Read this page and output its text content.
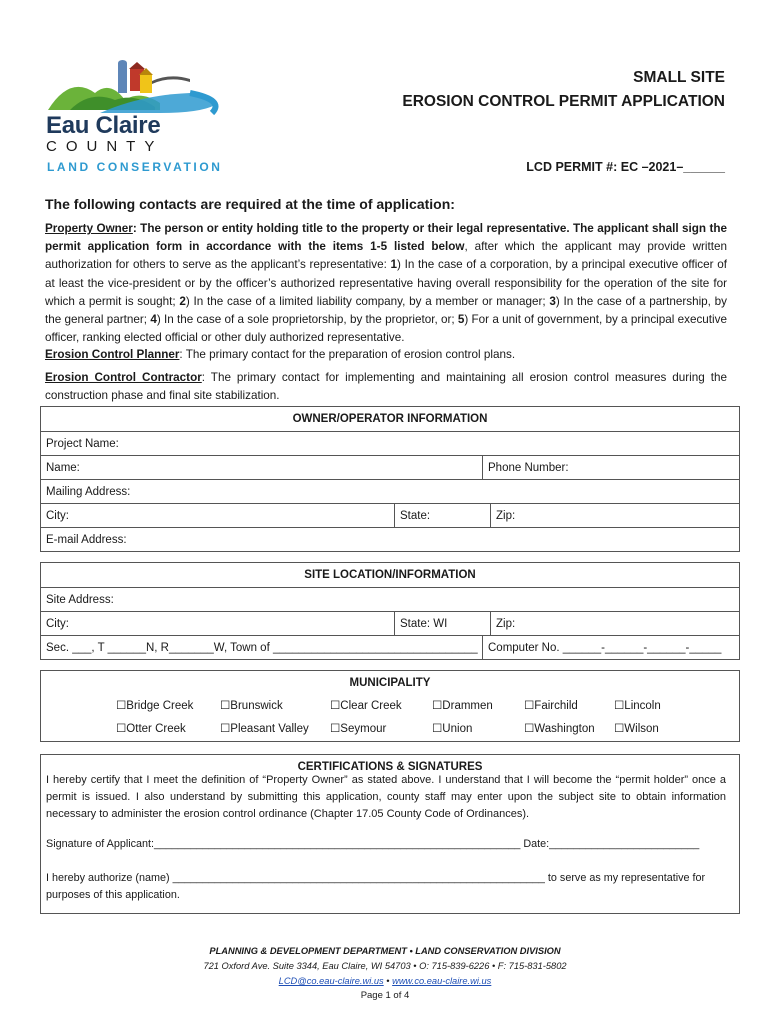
Eau Claire
COUNTY
LAND CONSERVATION
SMALL SITE
EROSION CONTROL PERMIT APPLICATION
LCD PERMIT #: EC –2021–______
The following contacts are required at the time of application:
Property Owner: The person or entity holding title to the property or their legal representative. The applicant shall sign the permit application form in accordance with the items 1-5 listed below, after which the applicant may provide written authorization for others to serve as the applicant’s representative: 1) In the case of a corporation, by a principal executive officer of at least the vice-president or by the officer’s authorized representative having overall responsibility for the operation of the site for which a permit is sought; 2) In the case of a limited liability company, by a member or manager; 3) In the case of a partnership, by the general partner; 4) In the case of a sole proprietorship, by the proprietor, or; 5) For a unit of government, by a principal executive officer, ranking elected official or other duly authorized representative.
Erosion Control Planner: The primary contact for the preparation of erosion control plans.
Erosion Control Contractor: The primary contact for implementing and maintaining all erosion control measures during the construction phase and final site stabilization.
OWNER/OPERATOR INFORMATION
Project Name:
Name:	Phone Number:
Mailing Address:
City:	State:	Zip:
E-mail Address:
SITE LOCATION/INFORMATION
Site Address:
City:	State: WI	Zip:
Sec. ___, T ______N, R_______W, Town of ________________________________ Computer No. ______-______-______-_____
MUNICIPALITY
☐Bridge Creek ☐Brunswick	☐Clear Creek	☐Drammen	☐Fairchild	☐Lincoln
☐Otter Creek	☐Pleasant Valley ☐Seymour	☐Union	☐Washington ☐Wilson
CERTIFICATIONS & SIGNATURES
I hereby certify that I meet the definition of “Property Owner” as stated above. I understand that I will become the “permit holder” once a permit is issued. I also understand by submitting this application, county staff may enter upon the subject site to obtain information necessary to administer the erosion control ordinance (Chapter 17.05 County Code of Ordinances).
Signature of Applicant:_____________________________________________________________ Date:_________________________
I hereby authorize (name) ______________________________________________________________ to serve as my representative for purposes of this application.
PLANNING & DEVELOPMENT DEPARTMENT • LAND CONSERVATION DIVISION
721 Oxford Ave. Suite 3344, Eau Claire, WI 54703 • O: 715-839-6226 • F: 715-831-5802
LCD@co.eau-claire.wi.us • www.co.eau-claire.wi.us
Page 1 of 4
